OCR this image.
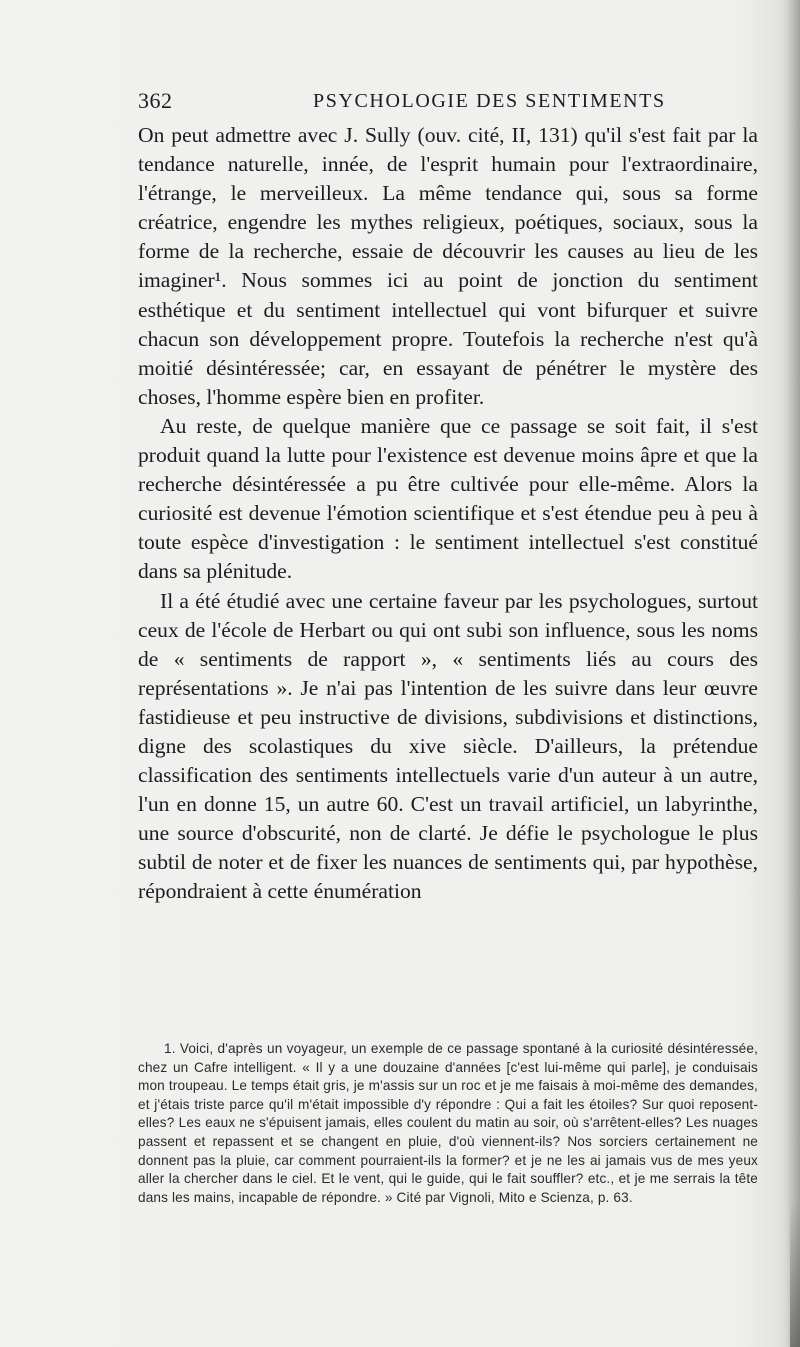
362	PSYCHOLOGIE DES SENTIMENTS

On peut admettre avec J. Sully (ouv. cité, II, 131) qu'il s'est fait par la tendance naturelle, innée, de l'esprit humain pour l'extraordinaire, l'étrange, le merveilleux. La même tendance qui, sous sa forme créatrice, engendre les mythes religieux, poétiques, sociaux, sous la forme de la recherche, essaie de découvrir les causes au lieu de les imaginer¹. Nous sommes ici au point de jonction du sentiment esthétique et du sentiment intellectuel qui vont bifurquer et suivre chacun son développement propre. Toutefois la recherche n'est qu'à moitié désintéressée; car, en essayant de pénétrer le mystère des choses, l'homme espère bien en profiter.

Au reste, de quelque manière que ce passage se soit fait, il s'est produit quand la lutte pour l'existence est devenue moins âpre et que la recherche désintéressée a pu être cultivée pour elle-même. Alors la curiosité est devenue l'émotion scientifique et s'est étendue peu à peu à toute espèce d'investigation : le sentiment intellectuel s'est constitué dans sa plénitude.

Il a été étudié avec une certaine faveur par les psychologues, surtout ceux de l'école de Herbart ou qui ont subi son influence, sous les noms de « sentiments de rapport », « sentiments liés au cours des représentations ». Je n'ai pas l'intention de les suivre dans leur œuvre fastidieuse et peu instructive de divisions, subdivisions et distinctions, digne des scolastiques du xive siècle. D'ailleurs, la prétendue classification des sentiments intellectuels varie d'un auteur à un autre, l'un en donne 15, un autre 60. C'est un travail artificiel, un labyrinthe, une source d'obscurité, non de clarté. Je défie le psychologue le plus subtil de noter et de fixer les nuances de sentiments qui, par hypothèse, répondraient à cette énumération

1. Voici, d'après un voyageur, un exemple de ce passage spontané à la curiosité désintéressée, chez un Cafre intelligent. « Il y a une douzaine d'années [c'est lui-même qui parle], je conduisais mon troupeau. Le temps était gris, je m'assis sur un roc et je me faisais à moi-même des demandes, et j'étais triste parce qu'il m'était impossible d'y répondre : Qui a fait les étoiles? Sur quoi reposent-elles? Les eaux ne s'épuisent jamais, elles coulent du matin au soir, où s'arrêtent-elles? Les nuages passent et repassent et se changent en pluie, d'où viennent-ils? Nos sorciers certainement ne donnent pas la pluie, car comment pourraient-ils la former? et je ne les ai jamais vus de mes yeux aller la chercher dans le ciel. Et le vent, qui le guide, qui le fait souffler? etc., et je me serrais la tête dans les mains, incapable de répondre. » Cité par Vignoli, Mito e Scienza, p. 63.
